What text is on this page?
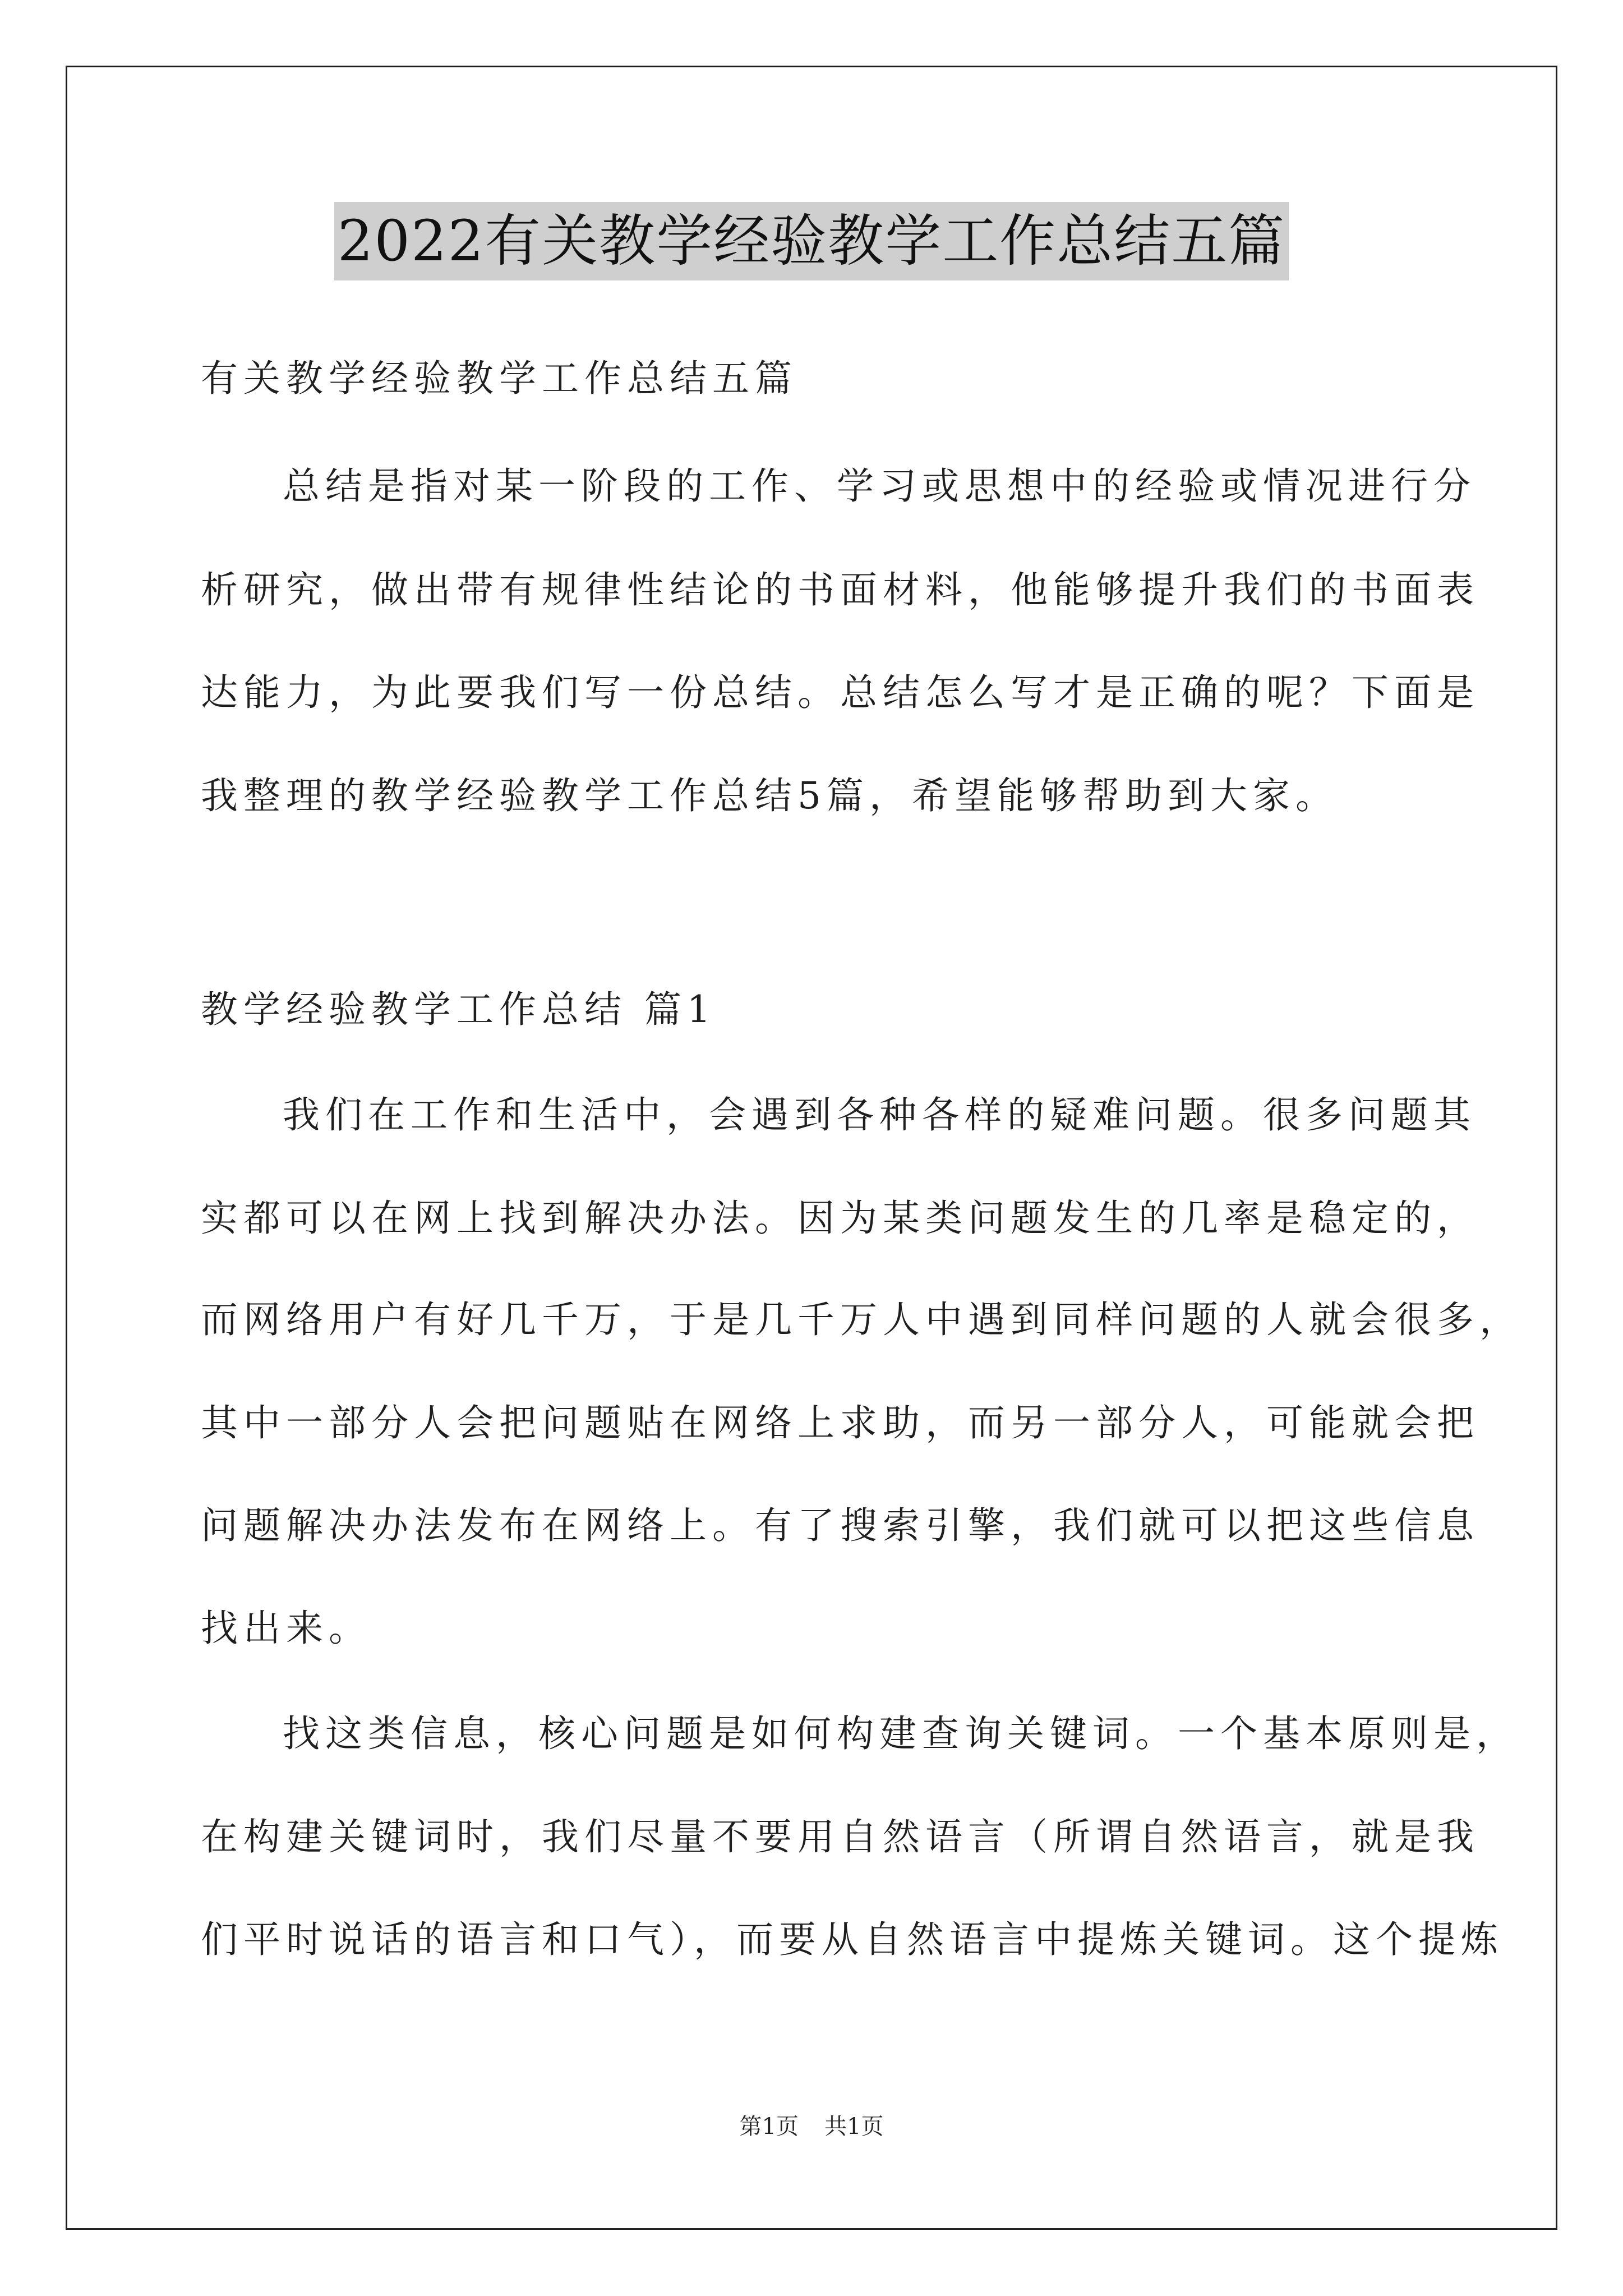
2022有关教学经验教学工作总结五篇
有关教学经验教学工作总结五篇
总结是指对某一阶段的工作、学习或思想中的经验或情况进行分
析研究，做出带有规律性结论的书面材料，他能够提升我们的书面表
达能力，为此要我们写一份总结。总结怎么写才是正确的呢？下面是
我整理的教学经验教学工作总结5篇，希望能够帮助到大家。
教学经验教学工作总结 篇1
我们在工作和生活中，会遇到各种各样的疑难问题。很多问题其
实都可以在网上找到解决办法。因为某类问题发生的几率是稳定的，
而网络用户有好几千万，于是几千万人中遇到同样问题的人就会很多，
其中一部分人会把问题贴在网络上求助，而另一部分人，可能就会把
问题解决办法发布在网络上。有了搜索引擎，我们就可以把这些信息
找出来。
找这类信息，核心问题是如何构建查询关键词。一个基本原则是，
在构建关键词时，我们尽量不要用自然语言（所谓自然语言，就是我
们平时说话的语言和口气），而要从自然语言中提炼关键词。这个提炼
第1页 共1页
